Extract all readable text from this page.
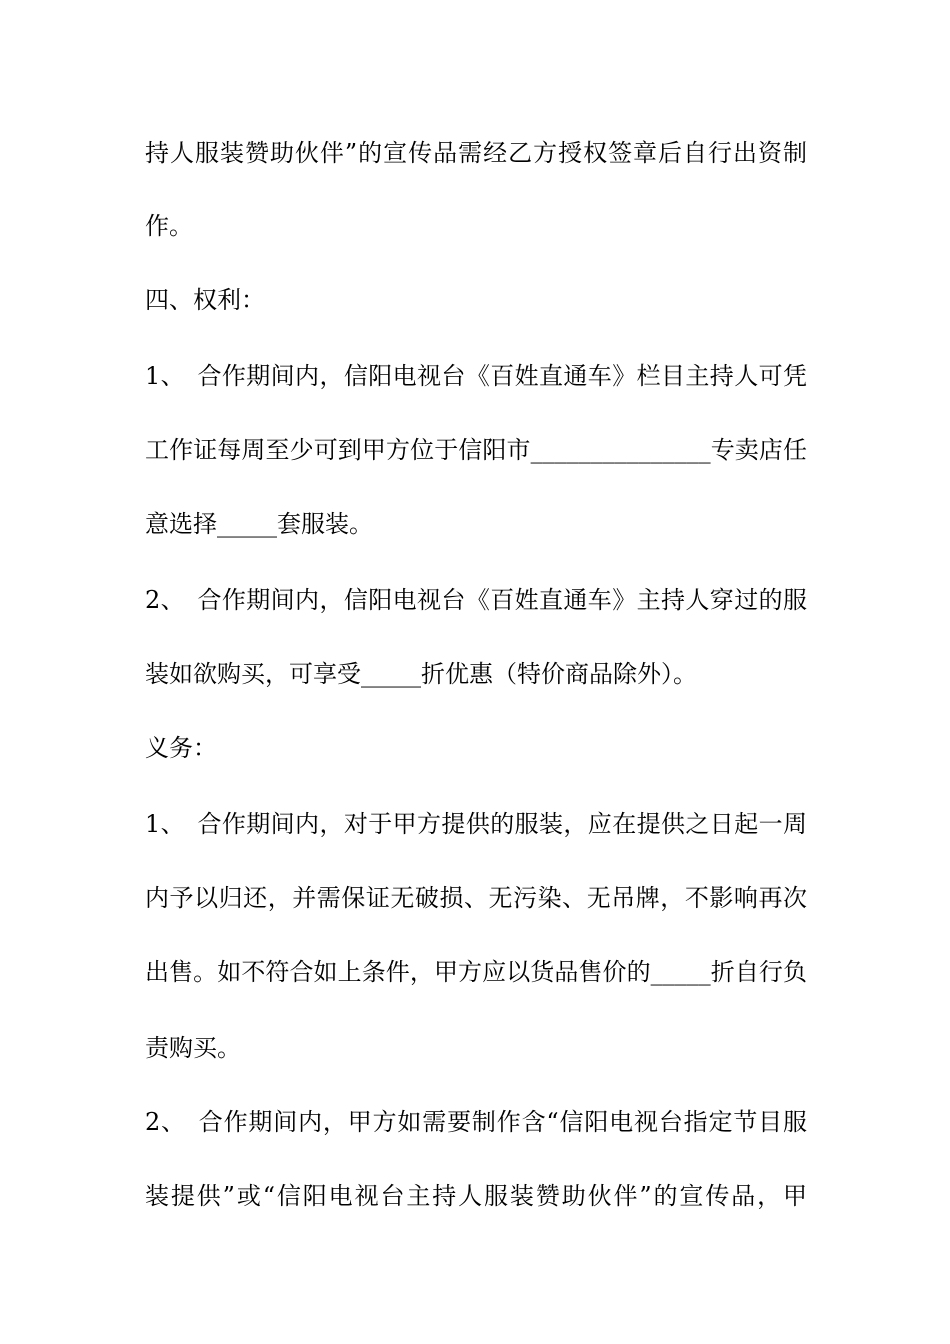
持人服装赞助伙伴”的宣传品需经乙方授权签章后自行出资制
作。
四、权利：
1、　合作期间内，信阳电视台《百姓直通车》栏目主持人可凭
工作证每周至少可到甲方位于信阳市_______________专卖店任
意选择_____套服装。
2、　合作期间内，信阳电视台《百姓直通车》主持人穿过的服
装如欲购买，可享受_____折优惠（特价商品除外）。
义务：
1、　合作期间内，对于甲方提供的服装，应在提供之日起一周
内予以归还，并需保证无破损、无污染、无吊牌，不影响再次
出售。如不符合如上条件，甲方应以货品售价的_____折自行负
责购买。
2、　合作期间内，甲方如需要制作含“信阳电视台指定节目服
装提供”或“信阳电视台主持人服装赞助伙伴”的宣传品，甲
